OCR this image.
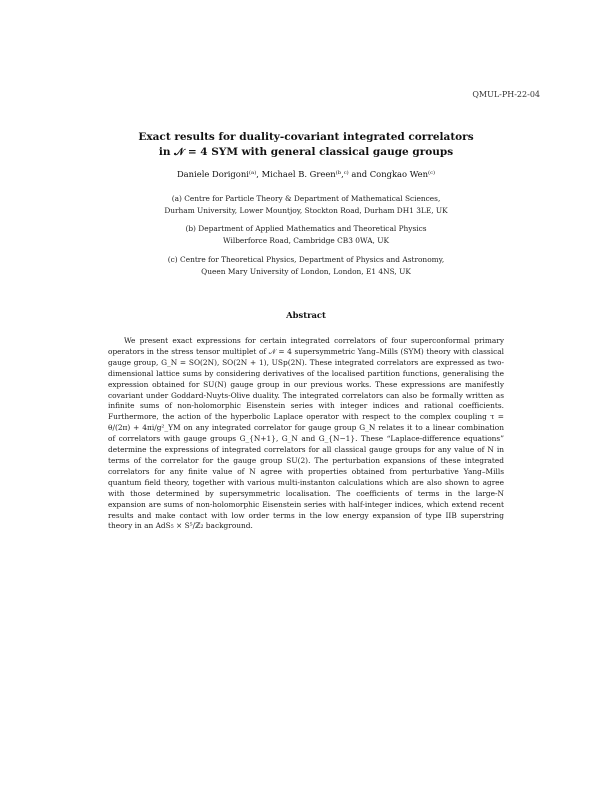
QMUL-PH-22-04
Exact results for duality-covariant integrated correlators
in 𝒩 = 4 SYM with general classical gauge groups
Daniele Dorigoni⁽ᵃ⁾, Michael B. Green⁽ᵇ,ᶜ⁾ and Congkao Wen⁽ᶜ⁾
(a) Centre for Particle Theory & Department of Mathematical Sciences,
Durham University, Lower Mountjoy, Stockton Road, Durham DH1 3LE, UK
(b) Department of Applied Mathematics and Theoretical Physics
Wilberforce Road, Cambridge CB3 0WA, UK
(c) Centre for Theoretical Physics, Department of Physics and Astronomy,
Queen Mary University of London, London, E1 4NS, UK
Abstract
We present exact expressions for certain integrated correlators of four superconformal primary operators in the stress tensor multiplet of 𝒩 = 4 supersymmetric Yang–Mills (SYM) theory with classical gauge group, G_N = SO(2N), SO(2N + 1), USp(2N). These integrated correlators are expressed as two-dimensional lattice sums by considering derivatives of the localised partition functions, generalising the expression obtained for SU(N) gauge group in our previous works. These expressions are manifestly covariant under Goddard-Nuyts-Olive duality. The integrated correlators can also be formally written as infinite sums of non-holomorphic Eisenstein series with integer indices and rational coefficients. Furthermore, the action of the hyperbolic Laplace operator with respect to the complex coupling τ = θ/(2π) + 4πi/g²_YM on any integrated correlator for gauge group G_N relates it to a linear combination of correlators with gauge groups G_{N+1}, G_N and G_{N−1}. These “Laplace-difference equations” determine the expressions of integrated correlators for all classical gauge groups for any value of N in terms of the correlator for the gauge group SU(2). The perturbation expansions of these integrated correlators for any finite value of N agree with properties obtained from perturbative Yang–Mills quantum field theory, together with various multi-instanton calculations which are also shown to agree with those determined by supersymmetric localisation. The coefficients of terms in the large-N expansion are sums of non-holomorphic Eisenstein series with half-integer indices, which extend recent results and make contact with low order terms in the low energy expansion of type IIB superstring theory in an AdS₅ × S⁵/ℤ₂ background.
